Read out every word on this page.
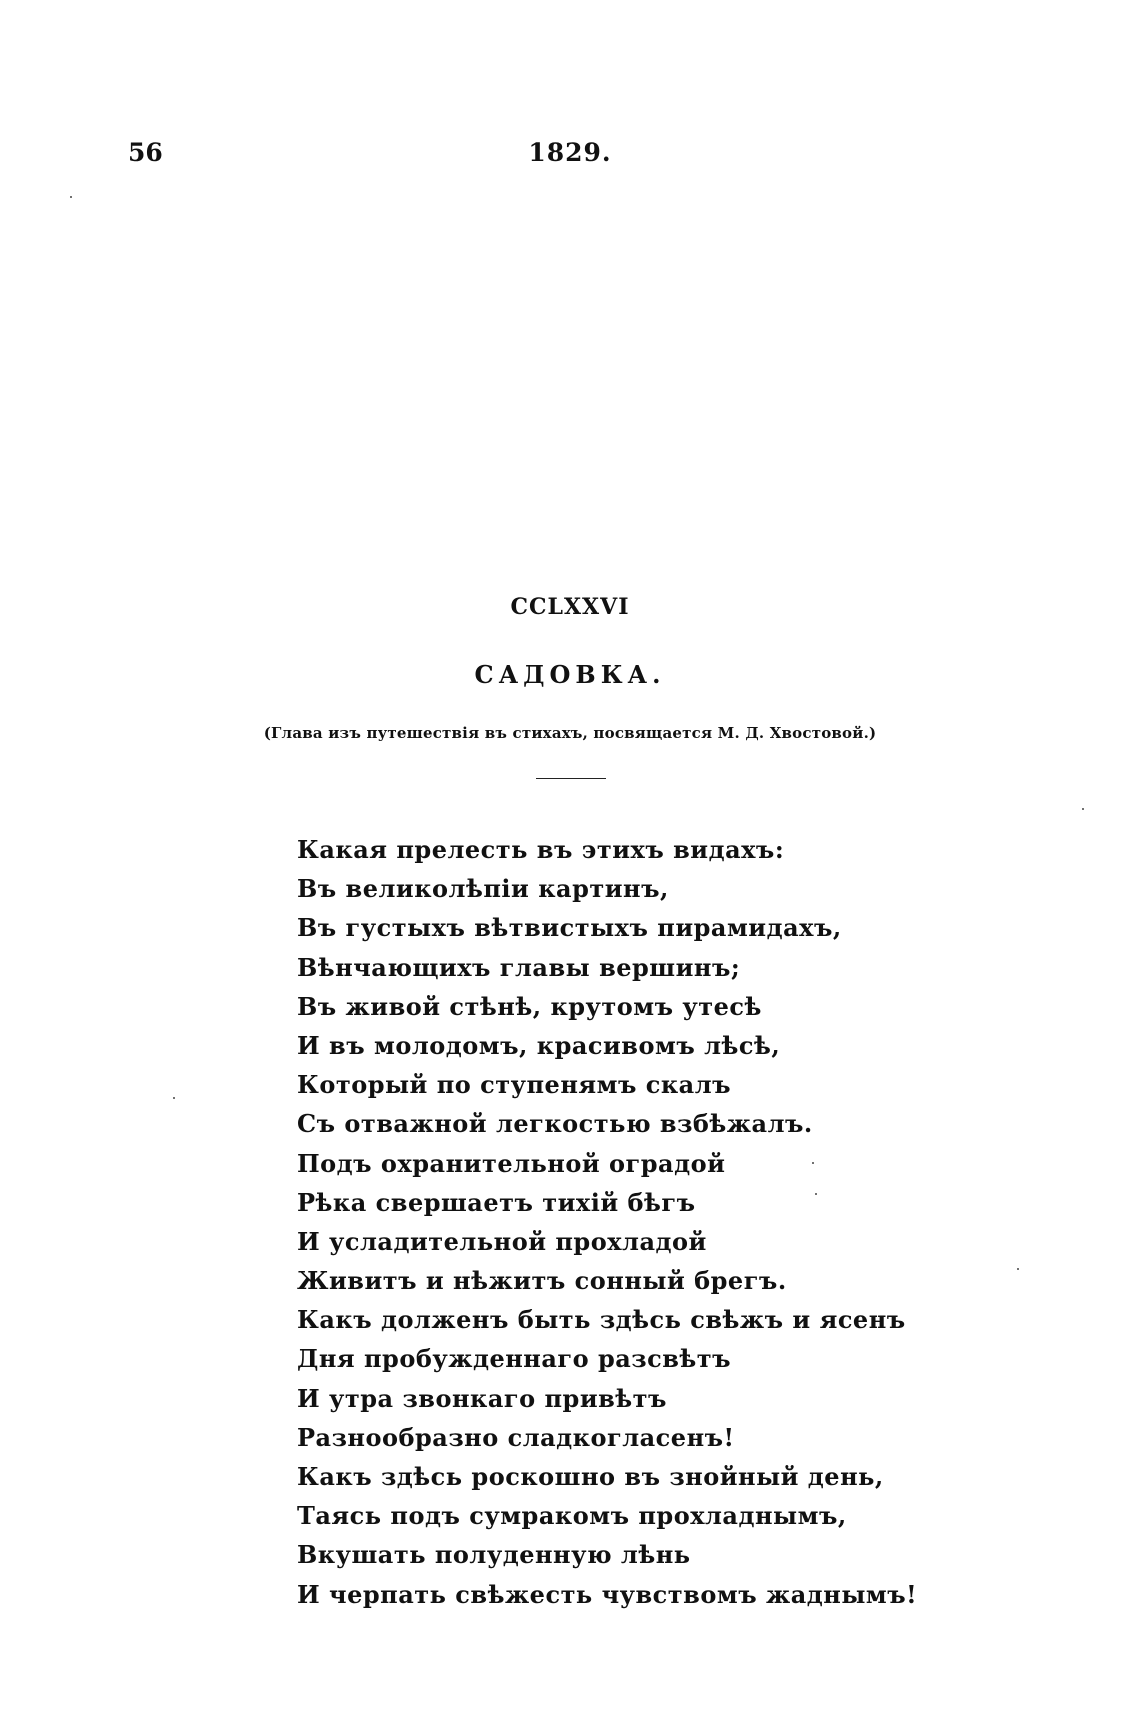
56	1829.
CCLXXVI
САДОВКА.
(Глава изъ путешествія въ стихахъ, посвящается М. Д. Хвостовой.)
Какая прелесть въ этихъ видахъ:
Въ великолѣпіи картинъ,
Въ густыхъ вѣтвистыхъ пирамидахъ,
Вѣнчающихъ главы вершинъ;
Въ живой стѣнѣ, крутомъ утесѣ
И въ молодомъ, красивомъ лѣсѣ,
Который по ступенямъ скалъ
Съ отважной легкостью взбѣжалъ.
Подъ охранительной оградой
Рѣка свершаетъ тихій бѣгъ
И усладительной прохладой
Живитъ и нѣжитъ сонный брегъ.
Какъ долженъ быть здѣсь свѣжъ и ясенъ
Дня пробужденнаго разсвѣтъ
И утра звонкаго привѣтъ
Разнообразно сладкогласенъ!
Какъ здѣсь роскошно въ знойный день,
Таясь подъ сумракомъ прохладнымъ,
Вкушать полуденную лѣнь
И черпать свѣжесть чувствомъ жаднымъ!
